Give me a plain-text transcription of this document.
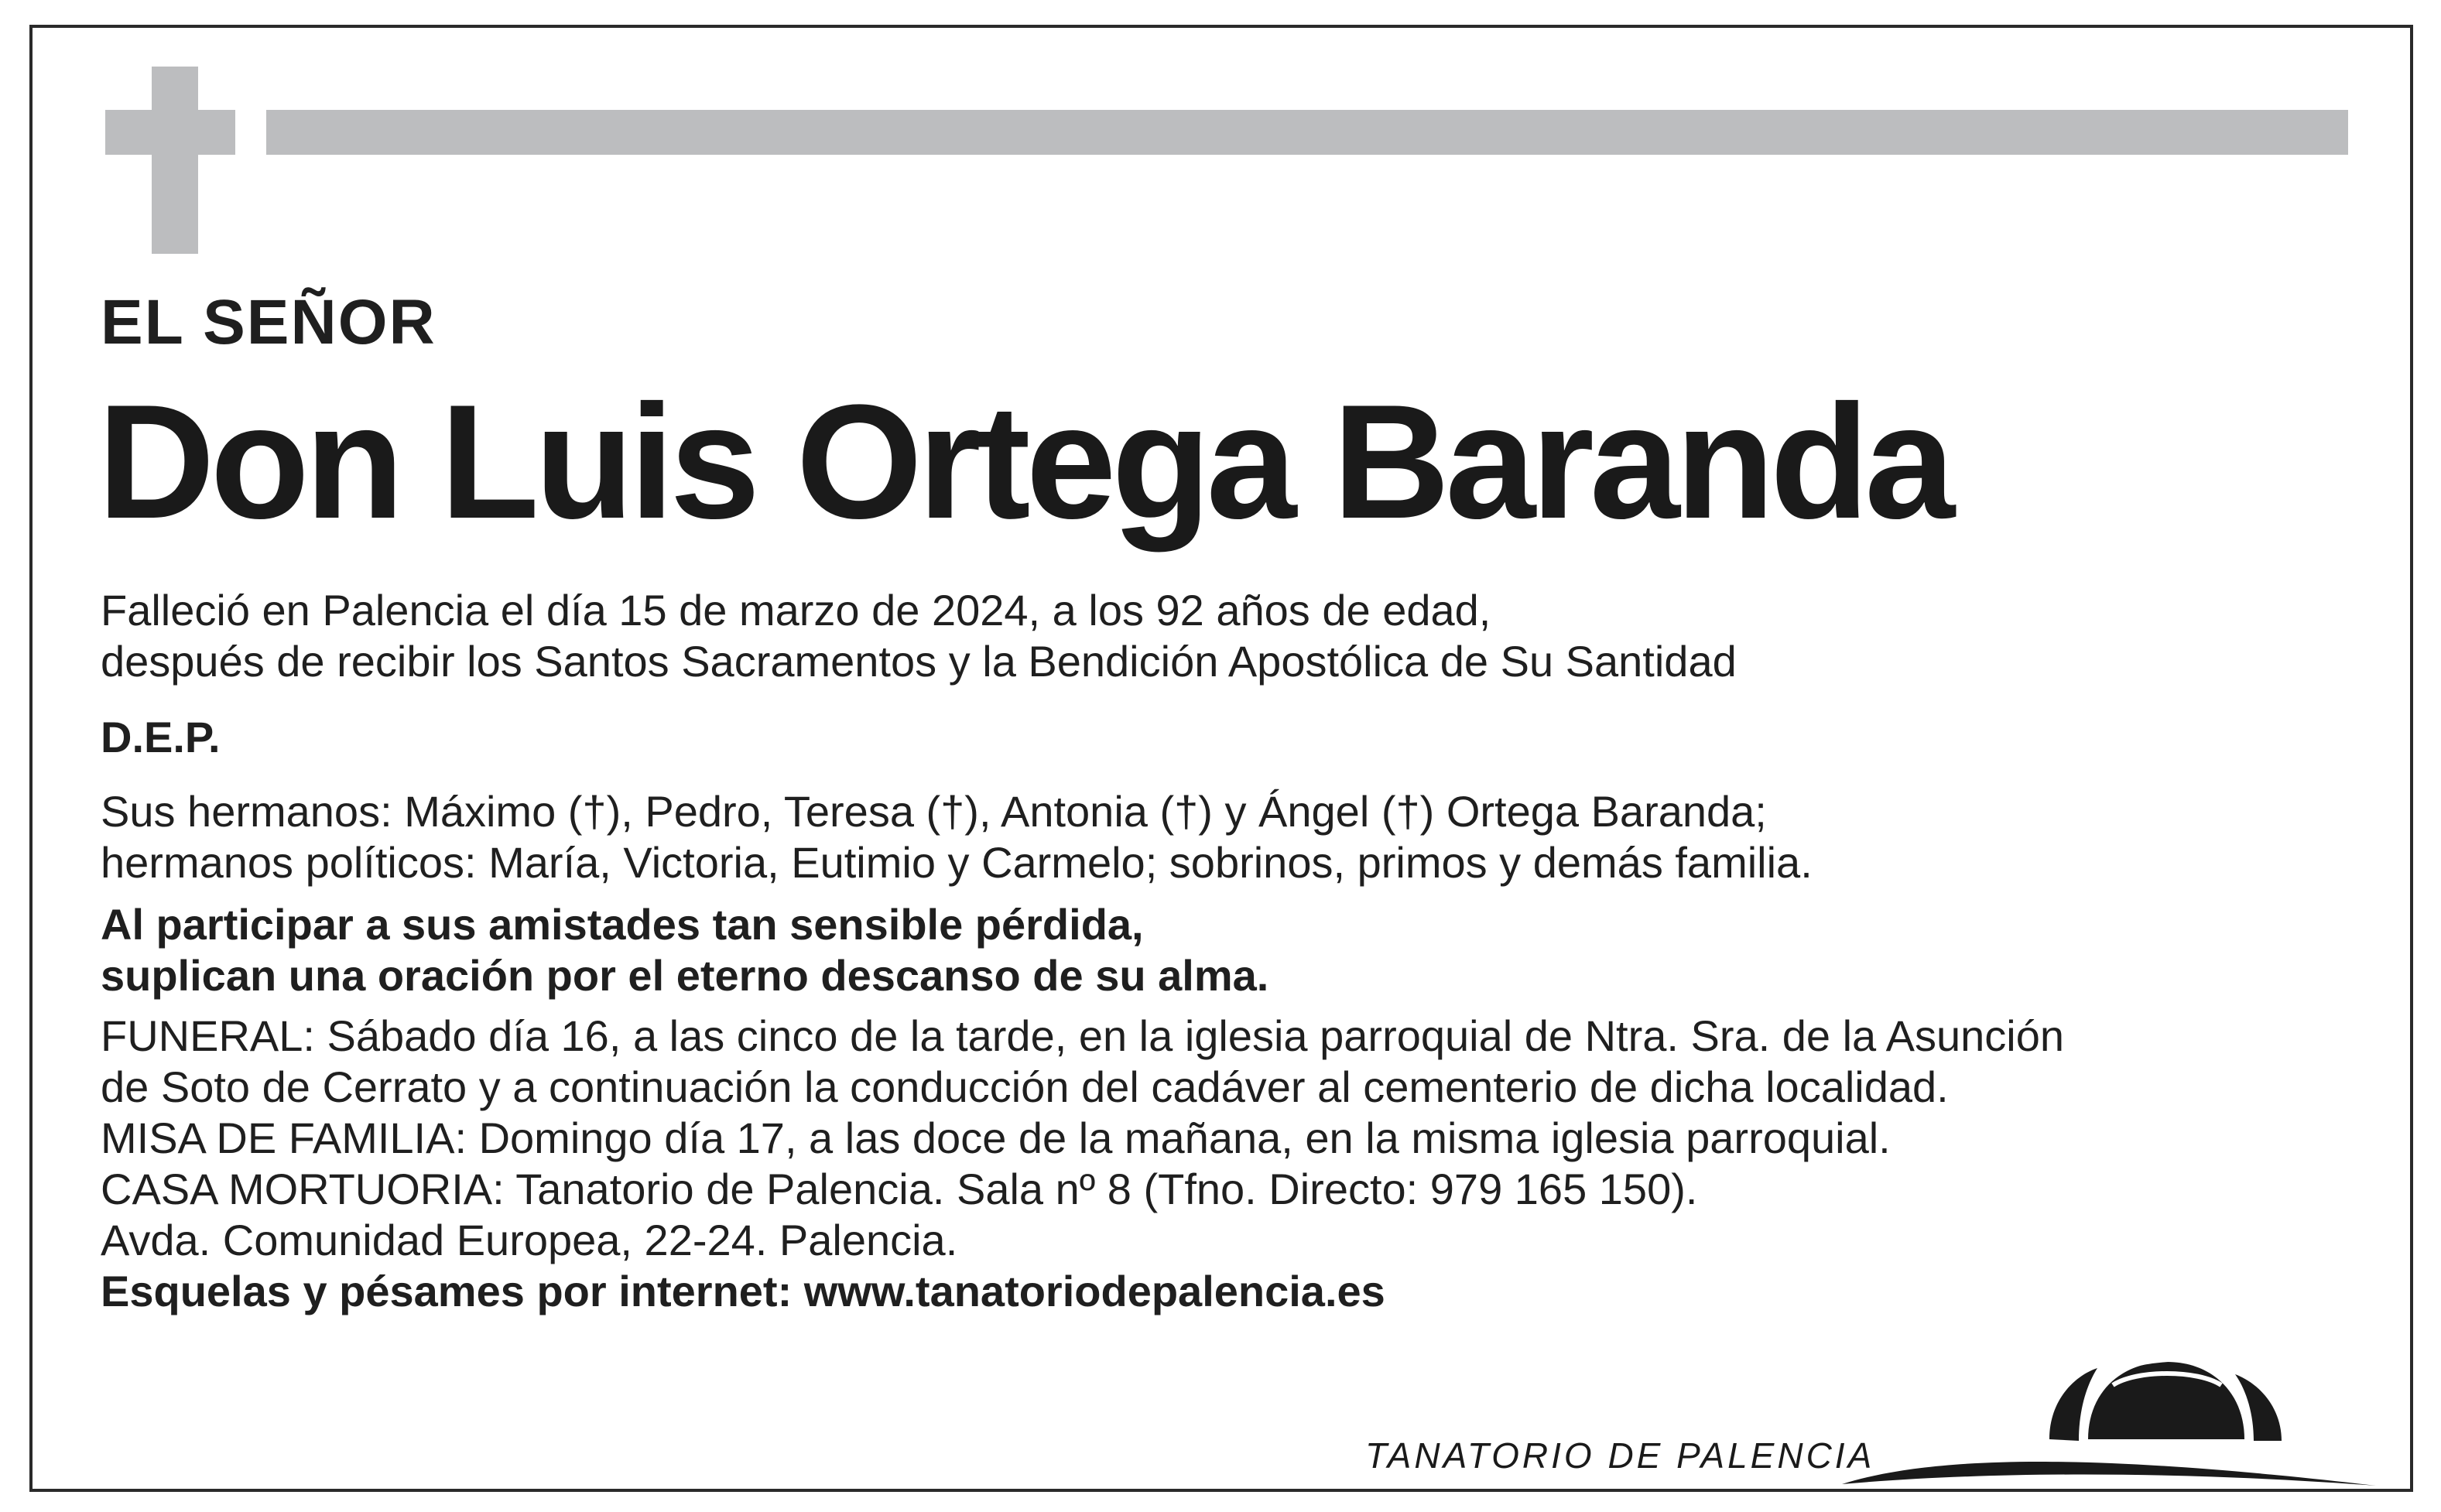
EL SEÑOR
Don Luis Ortega Baranda
Falleció en Palencia el día 15 de marzo de 2024, a los 92 años de edad,
después de recibir los Santos Sacramentos y la Bendición Apostólica de Su Santidad
D.E.P.
Sus hermanos: Máximo (†), Pedro, Teresa (†), Antonia (†) y Ángel (†) Ortega Baranda;
hermanos políticos: María, Victoria, Eutimio y Carmelo; sobrinos, primos y demás familia.
Al participar a sus amistades tan sensible pérdida,
suplican una oración por el eterno descanso de su alma.
FUNERAL: Sábado día 16, a las cinco de la tarde, en la iglesia parroquial de Ntra. Sra. de la Asunción
de Soto de Cerrato y a continuación la conducción del cadáver al cementerio de dicha localidad.
MISA DE FAMILIA: Domingo día 17, a las doce de la mañana, en la misma iglesia parroquial.
CASA MORTUORIA: Tanatorio de Palencia. Sala nº 8 (Tfno. Directo: 979 165 150).
Avda. Comunidad Europea, 22-24. Palencia.
Esquelas y pésames por internet: www.tanatoriodepalencia.es
TANATORIO DE PALENCIA
